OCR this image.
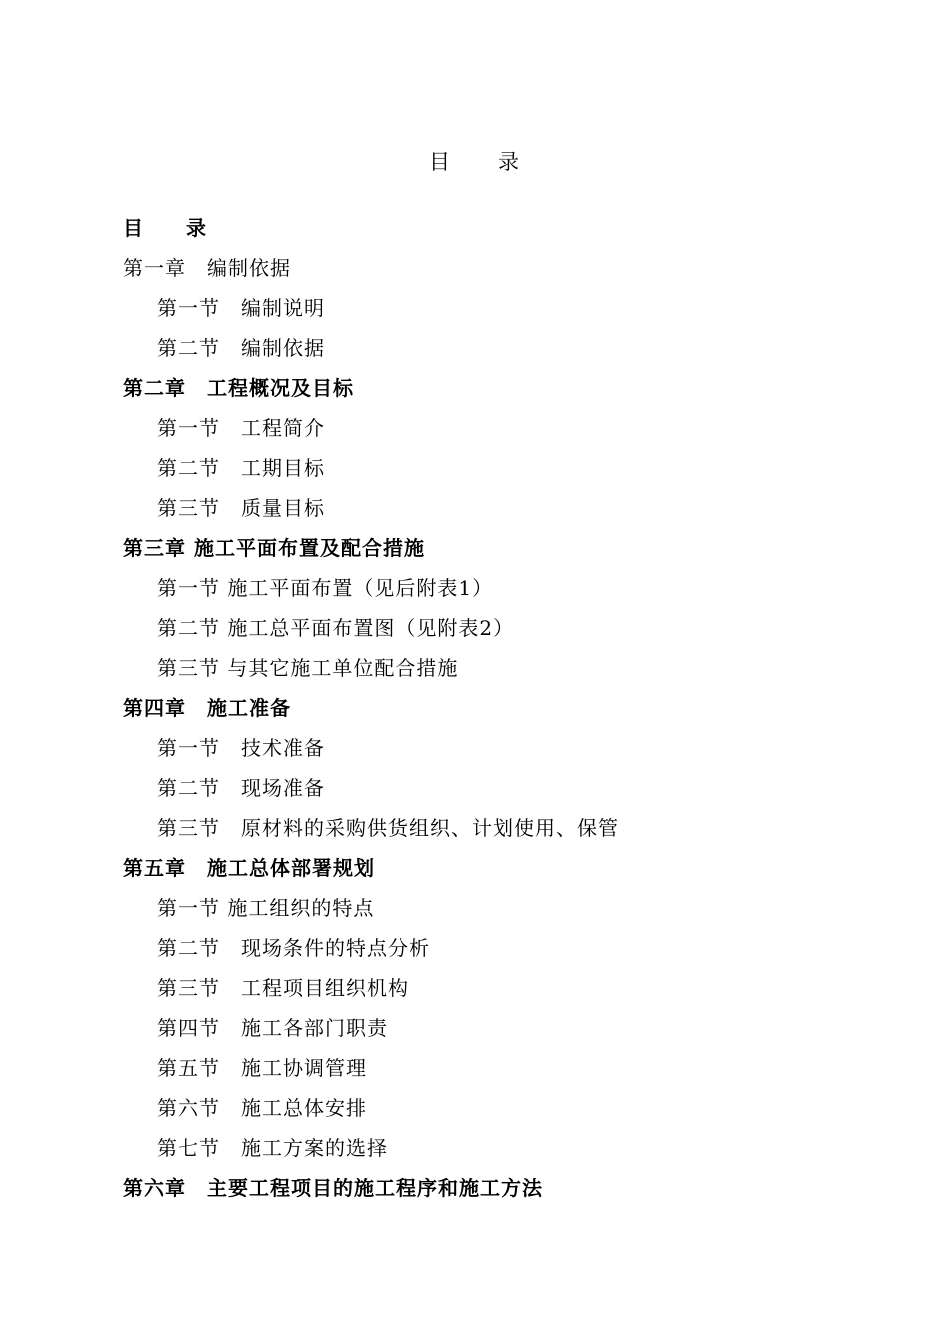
目　　录
目　　录
第一章　编制依据
第一节　编制说明
第二节　编制依据
第二章　工程概况及目标
第一节　工程简介
第二节　工期目标
第三节　质量目标
第三章 施工平面布置及配合措施
第一节 施工平面布置（见后附表1）
第二节 施工总平面布置图（见附表2）
第三节 与其它施工单位配合措施
第四章　施工准备
第一节　技术准备
第二节　现场准备
第三节　原材料的采购供货组织、计划使用、保管
第五章　施工总体部署规划
第一节 施工组织的特点
第二节　现场条件的特点分析
第三节　工程项目组织机构
第四节　施工各部门职责
第五节　施工协调管理
第六节　施工总体安排
第七节　施工方案的选择
第六章　主要工程项目的施工程序和施工方法
